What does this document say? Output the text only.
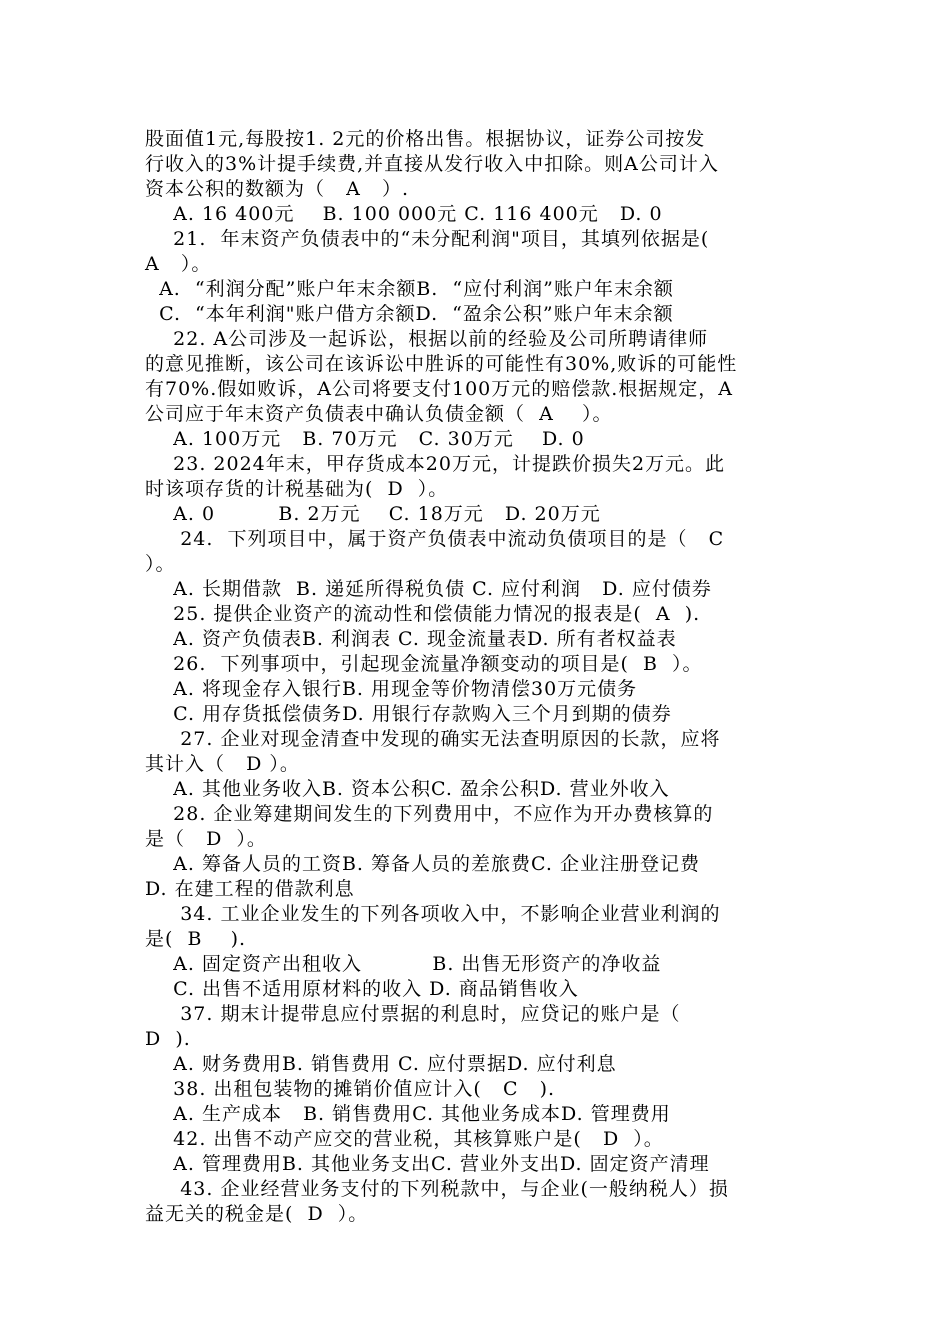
股面值1元,每股按1. 2元的价格出售。根据协议，证券公司按发
行收入的3%计提手续费,并直接从发行收入中扣除。则A公司计入
资本公积的数额为（   A   ）.
A. 16 400元    B. 100 000元 C. 116 400元   D. 0
21.  年末资产负债表中的“未分配利润"项目，其填列依据是(
A   ）。
A.  “利润分配”账户年末余额B.  “应付利润”账户年末余额
C.  “本年利润"账户借方余额D.  “盈余公积”账户年末余额
22. A公司涉及一起诉讼，根据以前的经验及公司所聘请律师
的意见推断，该公司在该诉讼中胜诉的可能性有30%,败诉的可能性
有70%.假如败诉，A公司将要支付100万元的赔偿款.根据规定，A
公司应于年末资产负债表中确认负债金额（  A    ）。
A. 100万元   B. 70万元   C. 30万元    D. 0
23. 2024年末，甲存货成本20万元，计提跌价损失2万元。此
时该项存货的计税基础为(  D  ）。
A. 0         B. 2万元    C. 18万元   D. 20万元
24.  下列项目中，属于资产负债表中流动负债项目的是（   C
）。
A. 长期借款  B. 递延所得税负债 C. 应付利润   D. 应付债券
25. 提供企业资产的流动性和偿债能力情况的报表是(  A  ).
A. 资产负债表B. 利润表 C. 现金流量表D. 所有者权益表
26.  下列事项中，引起现金流量净额变动的项目是(  B  ）。
A. 将现金存入银行B. 用现金等价物清偿30万元债务
C. 用存货抵偿债务D. 用银行存款购入三个月到期的债券
27. 企业对现金清查中发现的确实无法查明原因的长款，应将
其计入（   D ）。
A. 其他业务收入B. 资本公积C. 盈余公积D. 营业外收入
28. 企业筹建期间发生的下列费用中，不应作为开办费核算的
是（   D  ）。
A. 筹备人员的工资B. 筹备人员的差旅费C. 企业注册登记费
D. 在建工程的借款利息
34. 工业企业发生的下列各项收入中，不影响企业营业利润的
是(  B    ).
A. 固定资产出租收入          B. 出售无形资产的净收益
C. 出售不适用原材料的收入 D. 商品销售收入
37. 期末计提带息应付票据的利息时，应贷记的账户是（
D  ).
A. 财务费用B. 销售费用 C. 应付票据D. 应付利息
38. 出租包装物的摊销价值应计入(   C   ).
A. 生产成本   B. 销售费用C. 其他业务成本D. 管理费用
42. 出售不动产应交的营业税，其核算账户是(   D  ）。
A. 管理费用B. 其他业务支出C. 营业外支出D. 固定资产清理
43. 企业经营业务支付的下列税款中，与企业(一般纳税人）损
益无关的税金是(  D  ）。
